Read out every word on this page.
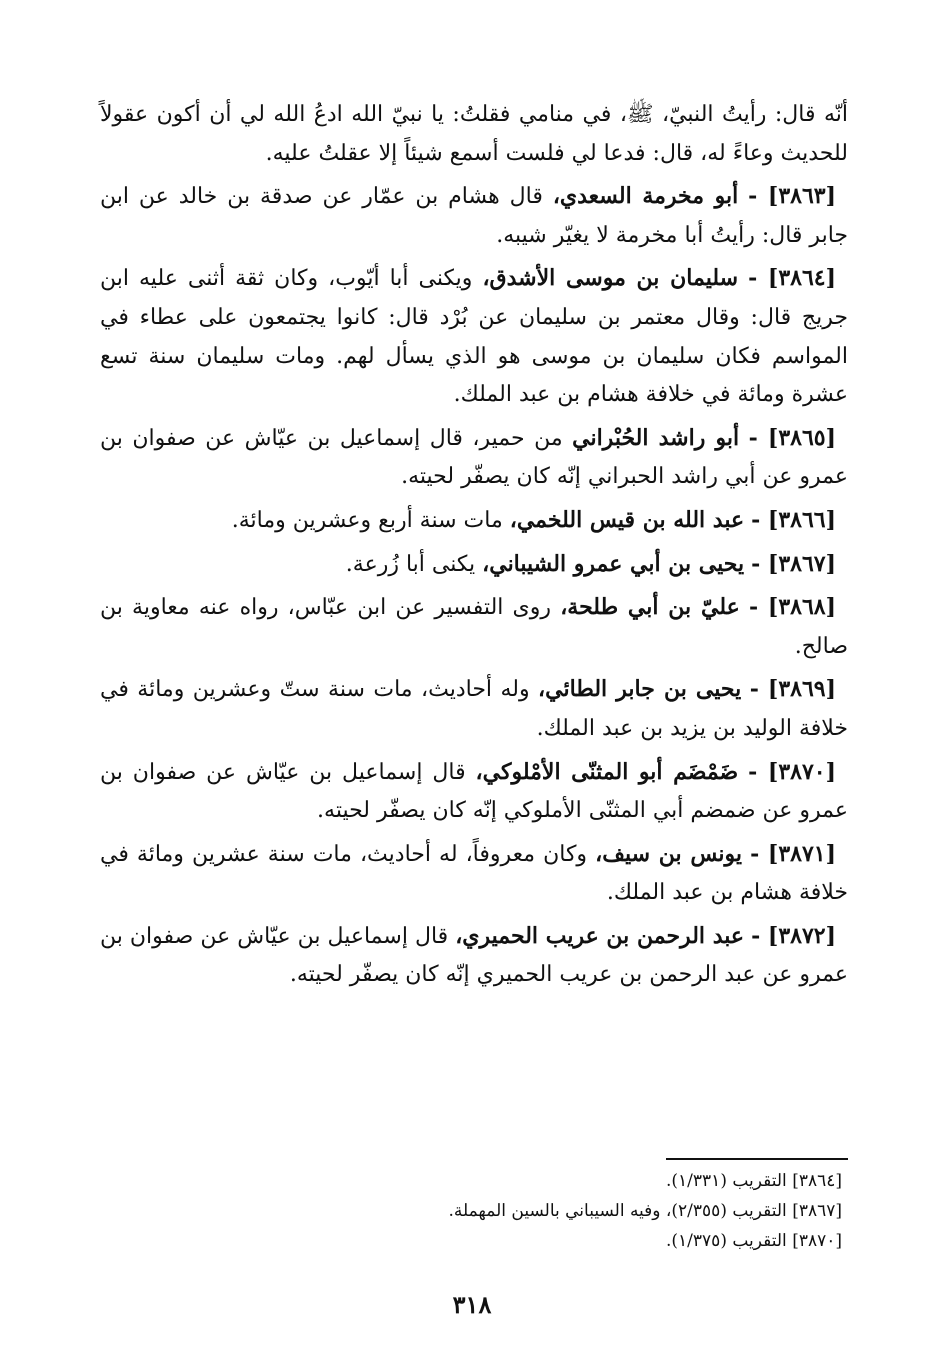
أنّه قال: رأيتُ النبيّ، ﷺ، في منامي فقلتُ: يا نبيّ الله ادعُ الله لي أن أكون عقولاً للحديث وعاءً له، قال: فدعا لي فلست أسمع شيئاً إلا عقلتُ عليه.

[٣٨٦٣] - أبو مخرمة السعدي، قال هشام بن عمّار عن صدقة بن خالد عن ابن جابر قال: رأيتُ أبا مخرمة لا يغيّر شيبه.

[٣٨٦٤] - سليمان بن موسى الأشدق، ويكنى أبا أيّوب، وكان ثقة أثنى عليه ابن جريج قال: وقال معتمر بن سليمان عن بُرْد قال: كانوا يجتمعون على عطاء في المواسم فكان سليمان بن موسى هو الذي يسأل لهم. ومات سليمان سنة تسع عشرة ومائة في خلافة هشام بن عبد الملك.

[٣٨٦٥] - أبو راشد الحُبْراني من حمير، قال إسماعيل بن عيّاش عن صفوان بن عمرو عن أبي راشد الحبراني إنّه كان يصفّر لحيته.

[٣٨٦٦] - عبد الله بن قيس اللخمي، مات سنة أربع وعشرين ومائة.

[٣٨٦٧] - يحيى بن أبي عمرو الشيباني، يكنى أبا زُرعة.

[٣٨٦٨] - عليّ بن أبي طلحة، روى التفسير عن ابن عبّاس، رواه عنه معاوية بن صالح.

[٣٨٦٩] - يحيى بن جابر الطائي، وله أحاديث، مات سنة ستّ وعشرين ومائة في خلافة الوليد بن يزيد بن عبد الملك.

[٣٨٧٠] - ضَمْضَم أبو المثنّى الأمْلوكي، قال إسماعيل بن عيّاش عن صفوان بن عمرو عن ضمضم أبي المثنّى الأملوكي إنّه كان يصفّر لحيته.

[٣٨٧١] - يونس بن سيف، وكان معروفاً، له أحاديث، مات سنة عشرين ومائة في خلافة هشام بن عبد الملك.

[٣٨٧٢] - عبد الرحمن بن عريب الحميري، قال إسماعيل بن عيّاش عن صفوان بن عمرو عن عبد الرحمن بن عريب الحميري إنّه كان يصفّر لحيته.

[٣٨٦٤] التقريب (١/٣٣١).

[٣٨٦٧] التقريب (٢/٣٥٥)، وفيه السيباني بالسين المهملة.

[٣٨٧٠] التقريب (١/٣٧٥).

٣١٨
